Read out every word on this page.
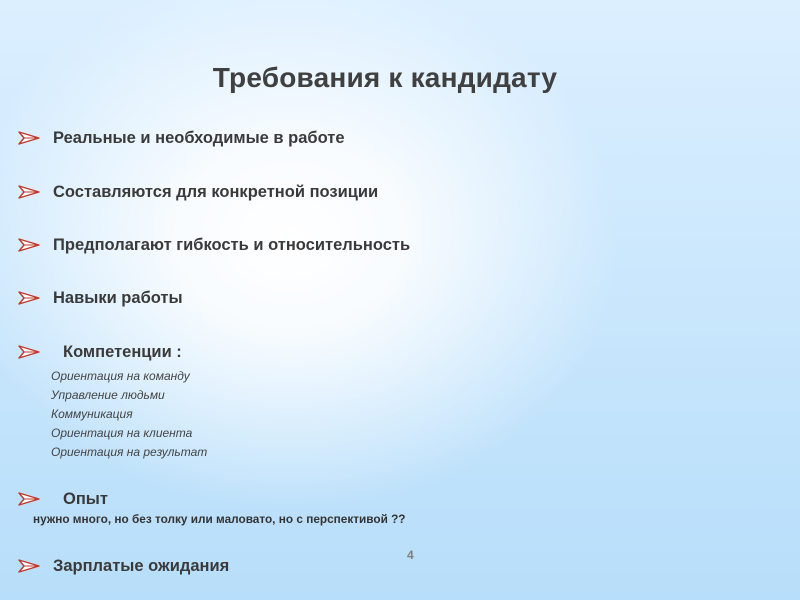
Требования к кандидату
Реальные и необходимые в работе
Составляются для конкретной позиции
Предполагают гибкость и относительность
Навыки работы
Компетенции :
Ориентация на команду
Управление людьми
Коммуникация
Ориентация на клиента
Ориентация на результат
Опыт
нужно много, но без толку или маловато, но с перспективой ??
4
Зарплатые ожидания
